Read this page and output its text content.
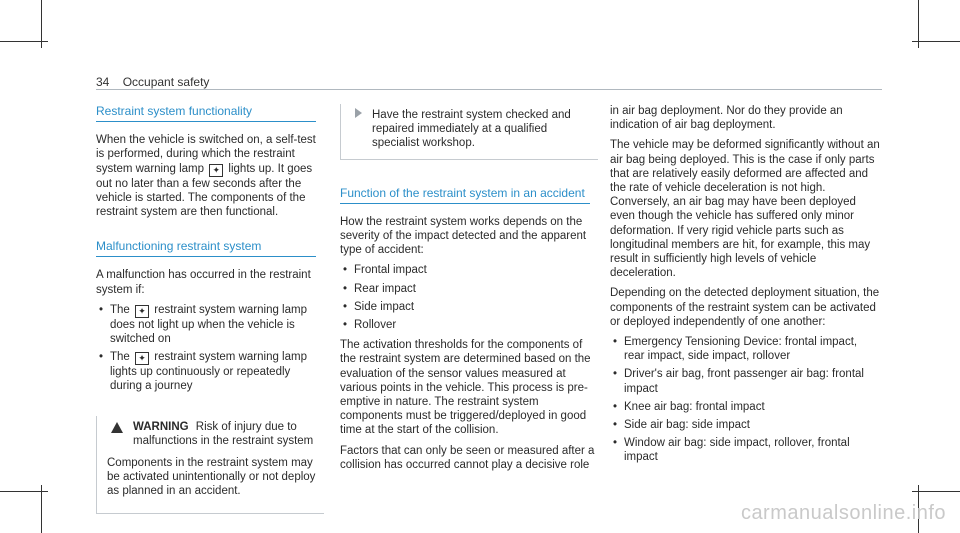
34 Occupant safety
Restraint system functionality

When the vehicle is switched on, a self-test is performed, during which the restraint system warning lamp ✦ lights up. It goes out no later than a few seconds after the vehicle is started. The components of the restraint system are then functional.

Malfunctioning restraint system

A malfunction has occurred in the restraint system if:

• The ✦ restraint system warning lamp does not light up when the vehicle is switched on
• The ✦ restraint system warning lamp lights up continuously or repeatedly during a journey
WARNING Risk of injury due to malfunctions in the restraint system

Components in the restraint system may be activated unintentionally or not deploy as planned in an accident.

Have the restraint system checked and repaired immediately at a qualified specialist workshop.
Function of the restraint system in an accident

How the restraint system works depends on the severity of the impact detected and the apparent type of accident:

• Frontal impact
• Rear impact
• Side impact
• Rollover

The activation thresholds for the components of the restraint system are determined based on the evaluation of the sensor values measured at various points in the vehicle. This process is pre-emptive in nature. The restraint system components must be triggered/deployed in good time at the start of the collision.

Factors that can only be seen or measured after a collision has occurred cannot play a decisive role

in air bag deployment. Nor do they provide an indication of air bag deployment.

The vehicle may be deformed significantly without an air bag being deployed. This is the case if only parts that are relatively easily deformed are affected and the rate of vehicle deceleration is not high. Conversely, an air bag may have been deployed even though the vehicle has suffered only minor deformation. If very rigid vehicle parts such as longitudinal members are hit, for example, this may result in sufficiently high levels of vehicle deceleration.

Depending on the detected deployment situation, the components of the restraint system can be activated or deployed independently of one another:

• Emergency Tensioning Device: frontal impact, rear impact, side impact, rollover
• Driver's air bag, front passenger air bag: frontal impact
• Knee air bag: frontal impact
• Side air bag: side impact
• Window air bag: side impact, rollover, frontal impact
carmanualsonline.info
